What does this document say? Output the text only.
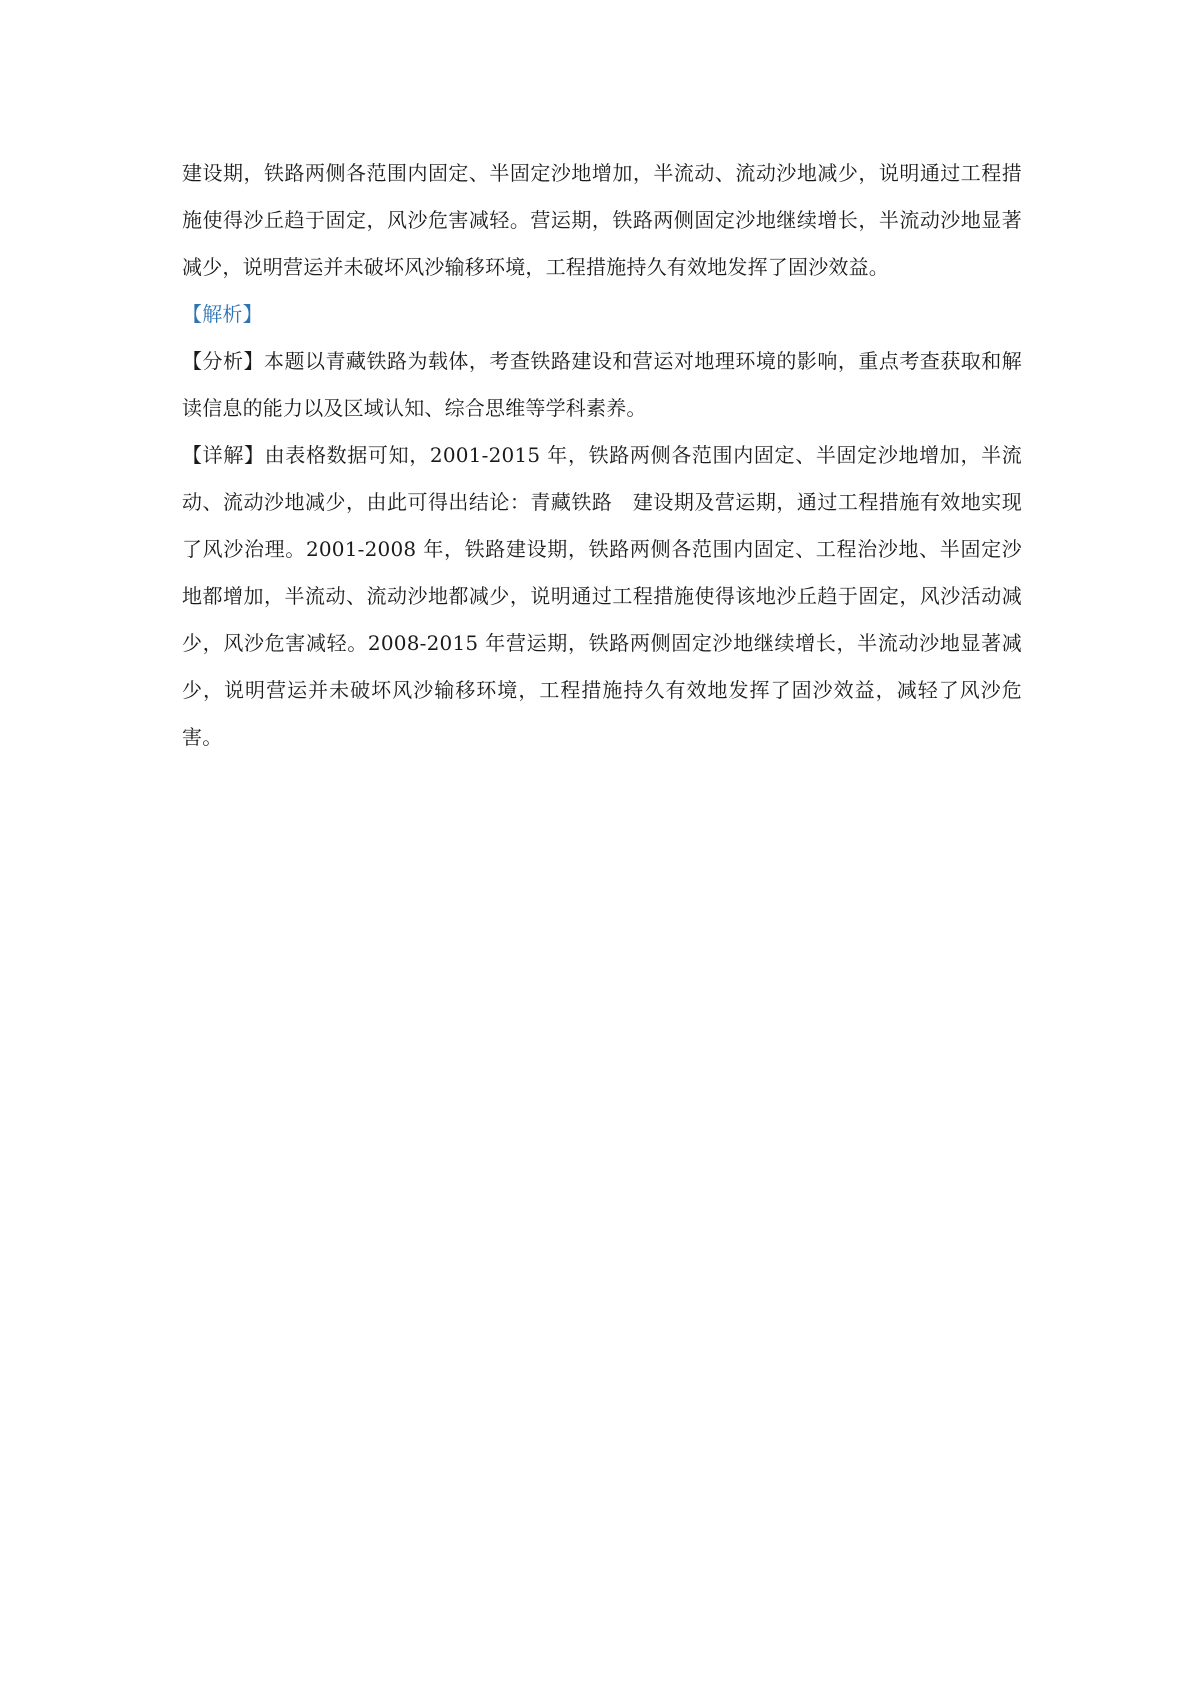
建设期，铁路两侧各范围内固定、半固定沙地增加，半流动、流动沙地减少，说明通过工程措施使得沙丘趋于固定，风沙危害减轻。营运期，铁路两侧固定沙地继续增长，半流动沙地显著减少，说明营运并未破坏风沙输移环境，工程措施持久有效地发挥了固沙效益。

【解析】

【分析】本题以青藏铁路为载体，考查铁路建设和营运对地理环境的影响，重点考查获取和解读信息的能力以及区域认知、综合思维等学科素养。

【详解】由表格数据可知，2001-2015 年，铁路两侧各范围内固定、半固定沙地增加，半流动、流动沙地减少，由此可得出结论：青藏铁路　建设期及营运期，通过工程措施有效地实现了风沙治理。2001-2008 年，铁路建设期，铁路两侧各范围内固定、工程治沙地、半固定沙地都增加，半流动、流动沙地都减少，说明通过工程措施使得该地沙丘趋于固定，风沙活动减少，风沙危害减轻。2008-2015 年营运期，铁路两侧固定沙地继续增长，半流动沙地显著减少，说明营运并未破坏风沙输移环境，工程措施持久有效地发挥了固沙效益，减轻了风沙危害。
